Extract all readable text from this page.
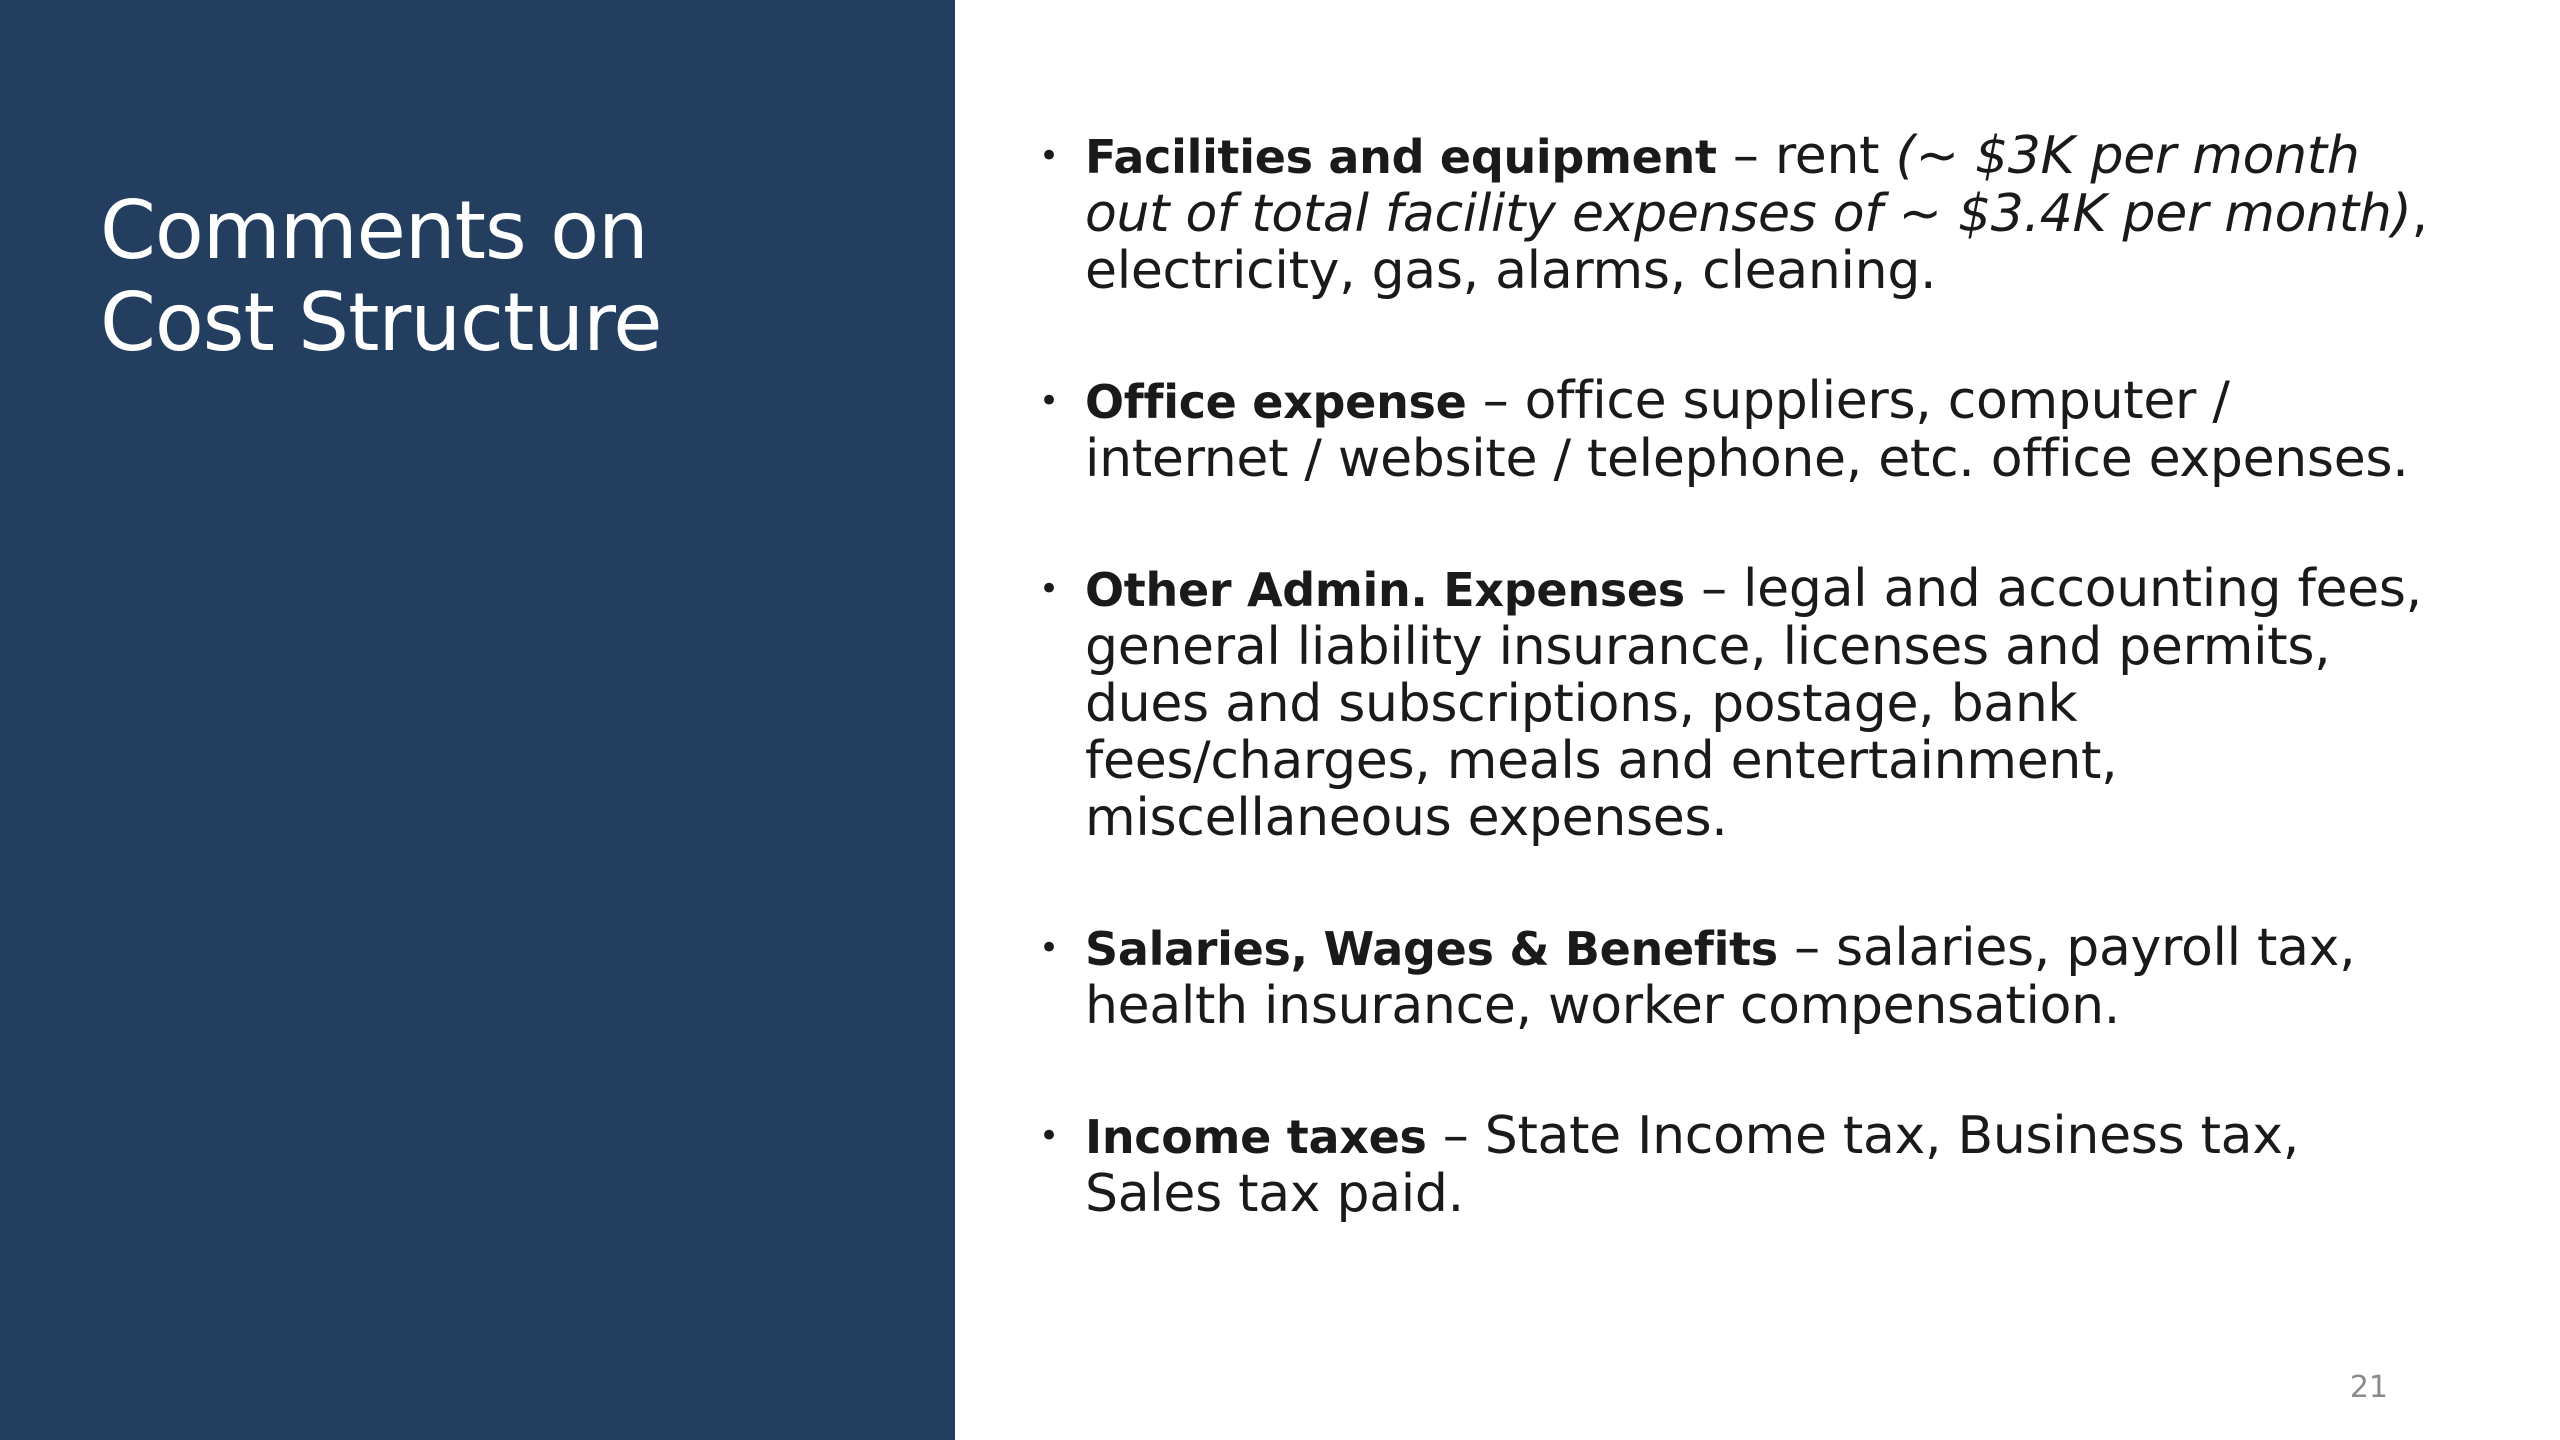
Comments on
Cost Structure

• Facilities and equipment – rent (~ $3K per month out of total facility expenses of ~ $3.4K per month), electricity, gas, alarms, cleaning.

• Office expense – office suppliers, computer / internet / website / telephone, etc. office expenses.

• Other Admin. Expenses – legal and accounting fees, general liability insurance, licenses and permits, dues and subscriptions, postage, bank fees/charges, meals and entertainment, miscellaneous expenses.

• Salaries, Wages & Benefits – salaries, payroll tax, health insurance, worker compensation.

• Income taxes – State Income tax, Business tax, Sales tax paid.

21
